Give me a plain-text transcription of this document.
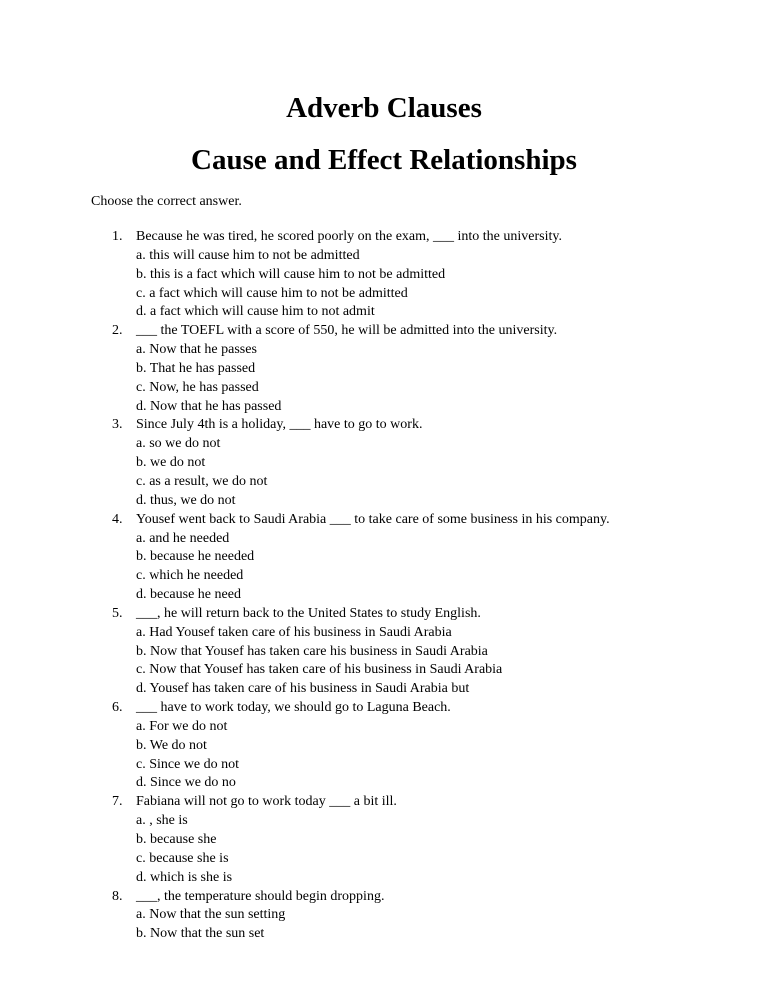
Adverb Clauses
Cause and Effect Relationships

Choose the correct answer.

1. Because he was tired, he scored poorly on the exam, ___ into the university.
a. this will cause him to not be admitted
b. this is a fact which will cause him to not be admitted
c. a fact which will cause him to not be admitted
d. a fact which will cause him to not admit
2. ___ the TOEFL with a score of 550, he will be admitted into the university.
a. Now that he passes
b. That he has passed
c. Now, he has passed
d. Now that he has passed
3. Since July 4th is a holiday, ___ have to go to work.
a. so we do not
b. we do not
c. as a result, we do not
d. thus, we do not
4. Yousef went back to Saudi Arabia ___ to take care of some business in his company.
a. and he needed
b. because he needed
c. which he needed
d. because he need
5. ___, he will return back to the United States to study English.
a. Had Yousef taken care of his business in Saudi Arabia
b. Now that Yousef has taken care his business in Saudi Arabia
c. Now that Yousef has taken care of his business in Saudi Arabia
d. Yousef has taken care of his business in Saudi Arabia but
6. ___ have to work today, we should go to Laguna Beach.
a. For we do not
b. We do not
c. Since we do not
d. Since we do no
7. Fabiana will not go to work today ___ a bit ill.
a. , she is
b. because she
c. because she is
d. which is she is
8. ___, the temperature should begin dropping.
a. Now that the sun setting
b. Now that the sun set
